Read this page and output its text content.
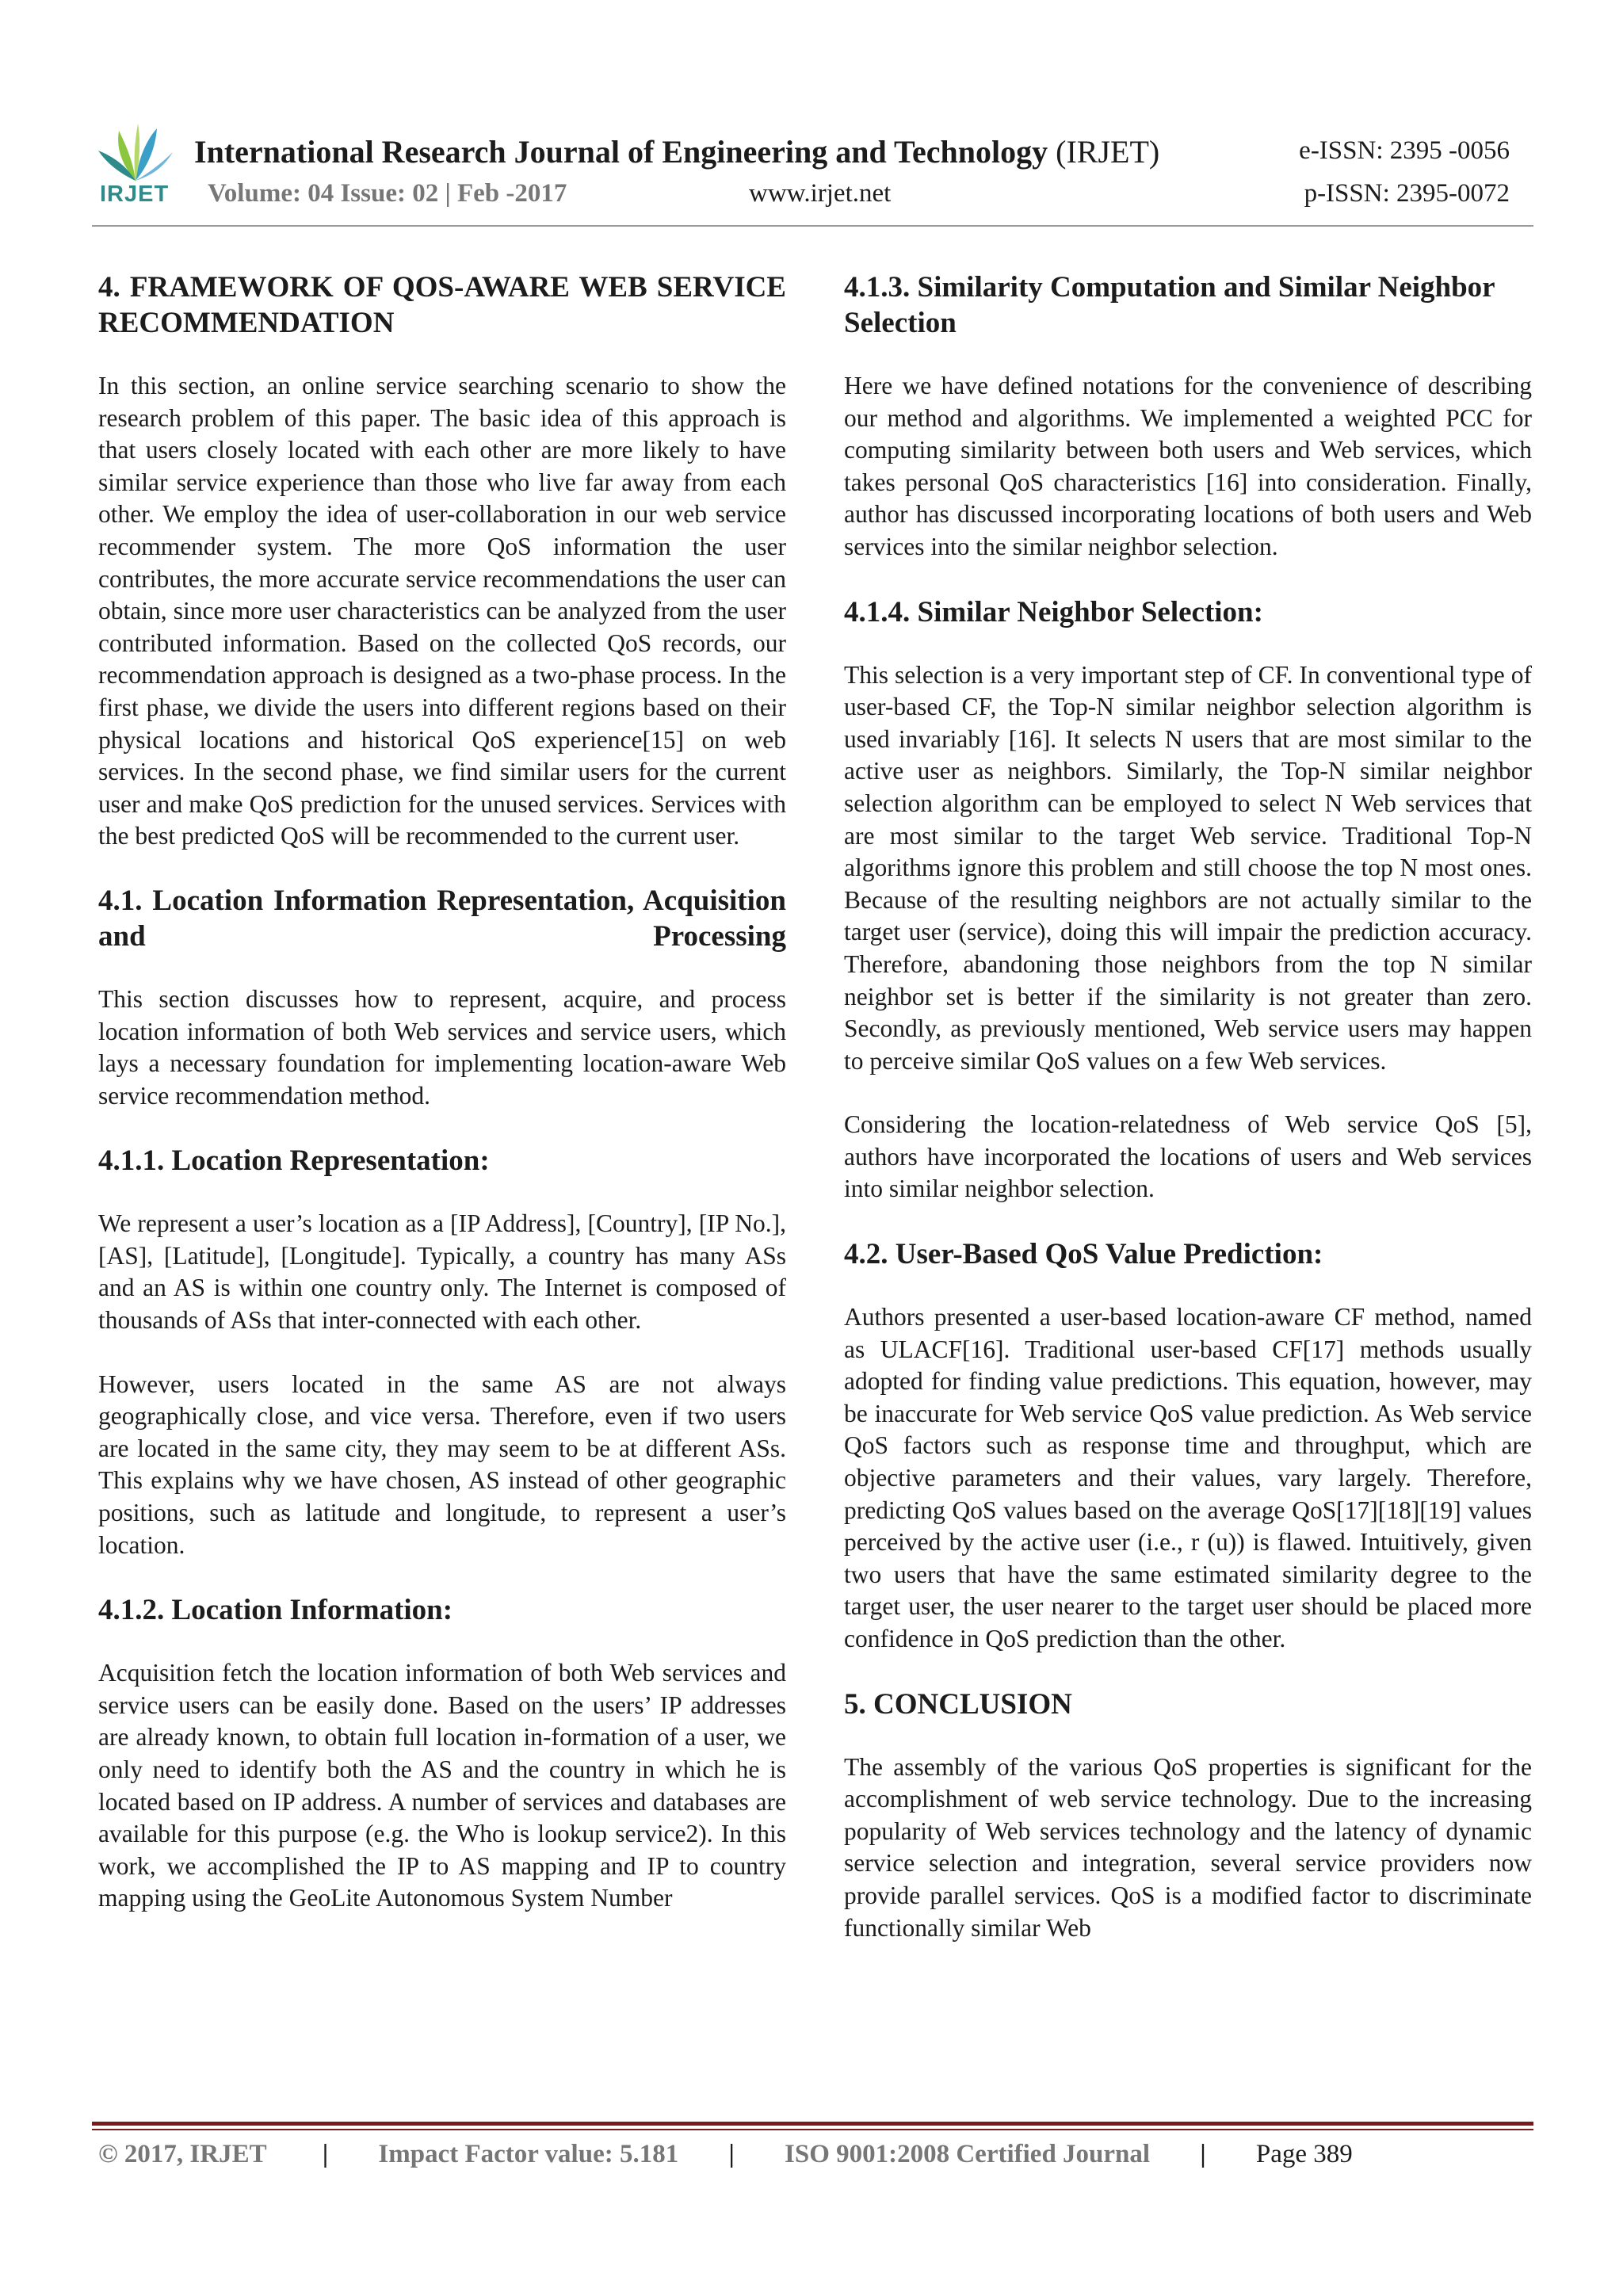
IRJET
International Research Journal of Engineering and Technology (IRJET)
Volume: 04 Issue: 02 | Feb -2017	www.irjet.net
e-ISSN: 2395 -0056
p-ISSN: 2395-0072
4. FRAMEWORK OF QOS-AWARE WEB SERVICE RECOMMENDATION

In this section, an online service searching scenario to show the research problem of this paper. The basic idea of this approach is that users closely located with each other are more likely to have similar service experience than those who live far away from each other. We employ the idea of user-collaboration in our web service recommender system. The more QoS information the user contributes, the more accurate service recommendations the user can obtain, since more user characteristics can be analyzed from the user contributed information. Based on the collected QoS records, our recommendation approach is designed as a two-phase process. In the first phase, we divide the users into different regions based on their physical locations and historical QoS experience[15] on web services. In the second phase, we find similar users for the current user and make QoS prediction for the unused services. Services with the best predicted QoS will be recommended to the current user.

4.1. Location Information Representation, Acquisition and Processing

This section discusses how to represent, acquire, and process location information of both Web services and service users, which lays a necessary foundation for implementing location-aware Web service recommendation method.

4.1.1. Location Representation:

We represent a user’s location as a [IP Address], [Country], [IP No.], [AS], [Latitude], [Longitude]. Typically, a country has many ASs and an AS is within one country only. The Internet is composed of thousands of ASs that inter-connected with each other.

However, users located in the same AS are not always geographically close, and vice versa. Therefore, even if two users are located in the same city, they may seem to be at different ASs. This explains why we have chosen, AS instead of other geographic positions, such as latitude and longitude, to represent a user’s location.

4.1.2. Location Information:

Acquisition fetch the location information of both Web services and service users can be easily done. Based on the users’ IP addresses are already known, to obtain full location in-formation of a user, we only need to identify both the AS and the country in which he is located based on IP address. A number of services and databases are available for this purpose (e.g. the Who is lookup service2). In this work, we accomplished the IP to AS mapping and IP to country mapping using the GeoLite Autonomous System Number

4.1.3. Similarity Computation and Similar Neighbor Selection

Here we have defined notations for the convenience of describing our method and algorithms. We implemented a weighted PCC for computing similarity between both users and Web services, which takes personal QoS characteristics [16] into consideration. Finally, author has discussed incorporating locations of both users and Web services into the similar neighbor selection.

4.1.4. Similar Neighbor Selection:

This selection is a very important step of CF. In conventional type of user-based CF, the Top-N similar neighbor selection algorithm is used invariably [16]. It selects N users that are most similar to the active user as neighbors. Similarly, the Top-N similar neighbor selection algorithm can be employed to select N Web services that are most similar to the target Web service. Traditional Top-N algorithms ignore this problem and still choose the top N most ones. Because of the resulting neighbors are not actually similar to the target user (service), doing this will impair the prediction accuracy. Therefore, abandoning those neighbors from the top N similar neighbor set is better if the similarity is not greater than zero. Secondly, as previously mentioned, Web service users may happen to perceive similar QoS values on a few Web services.

Considering the location-relatedness of Web service QoS [5], authors have incorporated the locations of users and Web services into similar neighbor selection.

4.2. User-Based QoS Value Prediction:

Authors presented a user-based location-aware CF method, named as ULACF[16]. Traditional user-based CF[17] methods usually adopted for finding value predictions. This equation, however, may be inaccurate for Web service QoS value prediction. As Web service QoS factors such as response time and throughput, which are objective parameters and their values, vary largely. Therefore, predicting QoS values based on the average QoS[17][18][19] values perceived by the active user (i.e., r (u)) is flawed. Intuitively, given two users that have the same estimated similarity degree to the target user, the user nearer to the target user should be placed more confidence in QoS prediction than the other.

5. CONCLUSION

The assembly of the various QoS properties is significant for the accomplishment of web service technology. Due to the increasing popularity of Web services technology and the latency of dynamic service selection and integration, several service providers now provide parallel services. QoS is a modified factor to discriminate functionally similar Web

© 2017, IRJET | Impact Factor value: 5.181 | ISO 9001:2008 Certified Journal | Page 389
